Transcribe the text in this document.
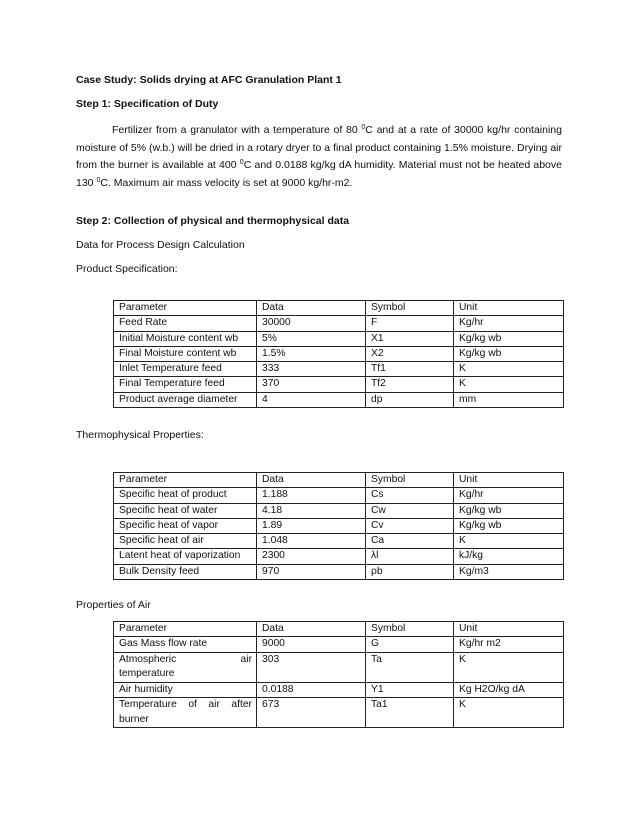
Case Study: Solids drying at AFC Granulation Plant 1
Step 1: Specification of Duty
Fertilizer from a granulator with a temperature of 80 $^0$C and at a rate of 30000 kg/hr containing moisture of 5% (w.b.) will be dried in a rotary dryer to a final product containing 1.5% moisture. Drying air from the burner is available at 400 $^0$C and 0.0188 kg/kg dA humidity. Material must not be heated above 130 $^0$C. Maximum air mass velocity is set at 9000 kg/hr-m2.
Step 2: Collection of physical and thermophysical data
Data for Process Design Calculation
Product Specification:
Parameter	Data	Symbol	Unit
Feed Rate	30000	F	Kg/hr
Initial Moisture content wb	5%	X1	Kg/kg wb
Final Moisture content wb	1.5%	X2	Kg/kg wb
Inlet Temperature feed	333	Tf1	K
Final Temperature feed	370	Tf2	K
Product average diameter	4	dp	mm
Thermophysical Properties:
Parameter	Data	Symbol	Unit
Specific heat of product	1.188	Cs	Kg/hr
Specific heat of water	4.18	Cw	Kg/kg wb
Specific heat of vapor	1.89	Cv	Kg/kg wb
Specific heat of air	1.048	Ca	K
Latent heat of vaporization	2300	λl	kJ/kg
Bulk Density feed	970	ρb	Kg/m3
Properties of Air
Parameter	Data	Symbol	Unit
Gas Mass flow rate	9000	G	Kg/hr m2

Atmospheric air
temperature	303	Ta	K
Air humidity	0.0188	Y1	Kg H2O/kg dA

Temperature of air after
burner	673	Ta1	K
